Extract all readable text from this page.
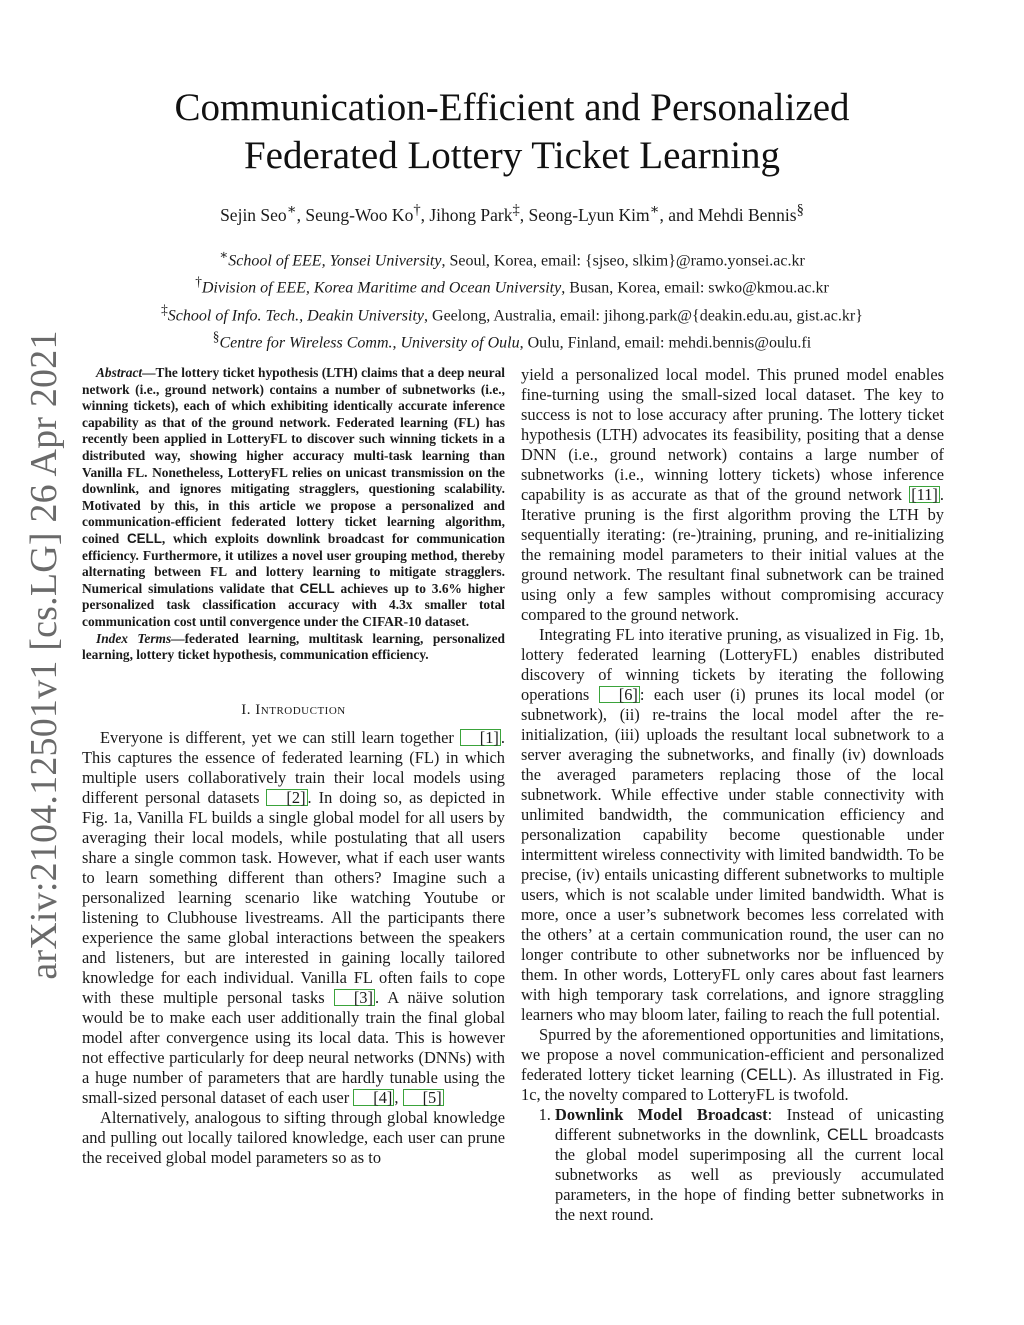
arXiv:2104.12501v1 [cs.LG] 26 Apr 2021
Communication-Efficient and Personalized
Federated Lottery Ticket Learning
Sejin Seo∗, Seung-Woo Ko†, Jihong Park‡, Seong-Lyun Kim∗, and Mehdi Bennis§
∗School of EEE, Yonsei University, Seoul, Korea, email: {sjseo, slkim}@ramo.yonsei.ac.kr
†Division of EEE, Korea Maritime and Ocean University, Busan, Korea, email: swko@kmou.ac.kr
‡School of Info. Tech., Deakin University, Geelong, Australia, email: jihong.park@{deakin.edu.au, gist.ac.kr}
§Centre for Wireless Comm., University of Oulu, Oulu, Finland, email: mehdi.bennis@oulu.fi

Abstract—The lottery ticket hypothesis (LTH) claims that a deep neural network (i.e., ground network) contains a number of subnetworks (i.e., winning tickets), each of which exhibiting identically accurate inference capability as that of the ground network. Federated learning (FL) has recently been applied in LotteryFL to discover such winning tickets in a distributed way, showing higher accuracy multi-task learning than Vanilla FL. Nonetheless, LotteryFL relies on unicast transmission on the downlink, and ignores mitigating stragglers, questioning scalability. Motivated by this, in this article we propose a personalized and communication-efficient federated lottery ticket learning algorithm, coined CELL, which exploits downlink broadcast for communication efficiency. Furthermore, it utilizes a novel user grouping method, thereby alternating between FL and lottery learning to mitigate stragglers. Numerical simulations validate that CELL achieves up to 3.6% higher personalized task classification accuracy with 4.3x smaller total communication cost until convergence under the CIFAR-10 dataset.

Index Terms—federated learning, multitask learning, personalized learning, lottery ticket hypothesis, communication efficiency.

I. Introduction

Everyone is different, yet we can still learn together [1] . This captures the essence of federated learning (FL) in which multiple users collaboratively train their local models using different personal datasets [2] . In doing so, as depicted in Fig. 1a, Vanilla FL builds a single global model for all users by averaging their local models, while postulating that all users share a single common task. However, what if each user wants to learn something different than others? Imagine such a personalized learning scenario like watching Youtube or listening to Clubhouse livestreams. All the participants there experience the same global interactions between the speakers and listeners, but are interested in gaining locally tailored knowledge for each individual. Vanilla FL often fails to cope with these multiple personal tasks [3] . A näive solution would be to make each user additionally train the final global model after convergence using its local data. This is however not effective particularly for deep neural networks (DNNs) with a huge number of parameters that are hardly tunable using the small-sized personal dataset of each user [4] , [5]

Alternatively, analogous to sifting through global knowledge and pulling out locally tailored knowledge, each user can prune the received global model parameters so as to

yield a personalized local model. This pruned model enables fine-turning using the small-sized local dataset. The key to success is not to lose accuracy after pruning. The lottery ticket hypothesis (LTH) advocates its feasibility, positing that a dense DNN (i.e., ground network) contains a large number of subnetworks (i.e., winning lottery tickets) whose inference capability is as accurate as that of the ground network [11] . Iterative pruning is the first algorithm proving the LTH by sequentially iterating: (re-)training, pruning, and re-initializing the remaining model parameters to their initial values at the ground network. The resultant final subnetwork can be trained using only a few samples without compromising accuracy compared to the ground network.

Integrating FL into iterative pruning, as visualized in Fig. 1b, lottery federated learning (LotteryFL) enables distributed discovery of winning tickets by iterating the following operations [6] : each user (i) prunes its local model (or subnetwork), (ii) re-trains the local model after the re-initialization, (iii) uploads the resultant local subnetwork to a server averaging the subnetworks, and finally (iv) downloads the averaged parameters replacing those of the local subnetwork. While effective under stable connectivity with unlimited bandwidth, the communication efficiency and personalization capability become questionable under intermittent wireless connectivity with limited bandwidth. To be precise, (iv) entails unicasting different subnetworks to multiple users, which is not scalable under limited bandwidth. What is more, once a user’s subnetwork becomes less correlated with the others’ at a certain communication round, the user can no longer contribute to other subnetworks nor be influenced by them. In other words, LotteryFL only cares about fast learners with high temporary task correlations, and ignore straggling learners who may bloom later, failing to reach the full potential.

Spurred by the aforementioned opportunities and limitations, we propose a novel communication-efficient and personalized federated lottery ticket learning (CELL). As illustrated in Fig. 1c, the novelty compared to LotteryFL is twofold.

1. Downlink Model Broadcast: Instead of unicasting different subnetworks in the downlink, CELL broadcasts the global model superimposing all the current local subnetworks as well as previously accumulated parameters, in the hope of finding better subnetworks in the next round.
